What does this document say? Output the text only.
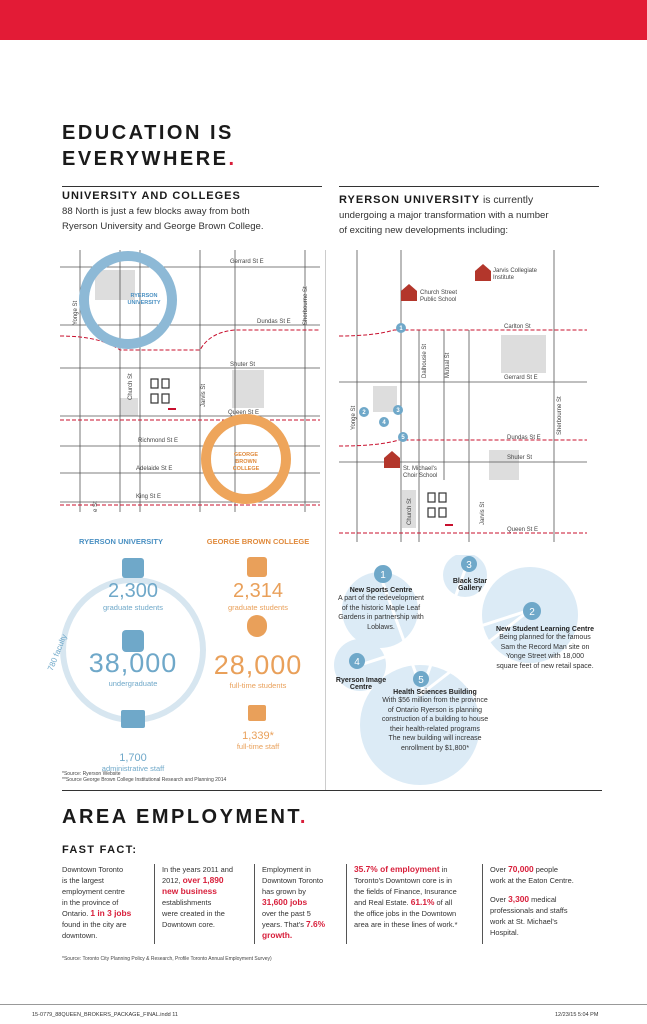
EDUCATION IS
EVERYWHERE.
UNIVERSITY AND COLLEGES
88 North is just a few blocks away from both
Ryerson University and George Brown College.
RYERSON UNIVERSITY is currently
undergoing a major transformation with a number
of exciting new developments including:
Gerrard St E
Dundas St E
Shuter St
Queen St E
Richmond St E
Adelaide St E
King St E
Yonge St
Church St	Jarvis St
Sherbourne St
e St
RYERSON
UNIVERSITY
GEORGE
BROWN
COLLEGE
Jarvis Collegiate
Institute
Church Street
Public School
St. Michael's
Choir School
Carlton St
Gerrard St E
Dundas St E
Shuter St
Queen St E
Yonge St
Church St	Jarvis St
Dalhousie St	Mutual St
Sherbourne St
1
2	3
4
5
RYERSON UNIVERSITY	GEORGE BROWN COLLEGE
2,300
graduate students
38,000
undergraduate
1,700
administrative staff
780 faculty
2,314
graduate students
28,000
full-time students
1,339*
full-time staff
*Source: Ryerson Website
**Source George Brown College Institutional Research and Planning 2014
1
2
3
4
5
New Sports Centre
A part of the redevelopment
of the historic Maple Leaf
Gardens in partnership with
Loblaws.
Black Star
Gallery
New Student Learning Centre
Being planned for the famous
Sam the Record Man site on
Yonge Street with 18,000
square feet of new retail space.
Ryerson Image
Centre
Health Sciences Building
With $56 million from the province
of Ontario Ryerson is planning
construction of a building to house
their health-related programs
The new building will increase
enrollment by $1,800*
AREA EMPLOYMENT.
FAST FACT:
Downtown Toronto
is the largest
employment centre
in the province of
Ontario. 1 in 3 jobs
found in the city are
downtown.
In the years 2011 and
2012, over 1,890
new business
establishments
were created in the
Downtown core.
Employment in
Downtown Toronto
has grown by
31,600 jobs
over the past 5
years. That's 7.6%
growth.
35.7% of employment in
Toronto's Downtown core is in
the fields of Finance, Insurance
and Real Estate. 61.1% of all
the office jobs in the Downtown
area are in these lines of work.*
Over 70,000 people
work at the Eaton Centre.
Over 3,300 medical
professionals and staffs
work at St. Michael's
Hospital.
*Source: Toronto City Planning Policy & Research, Profile Toronto Annual Employment Survey)
15-0779_88QUEEN_BROKERS_PACKAGE_FINAL.indd 11	12/23/15 5:04 PM
